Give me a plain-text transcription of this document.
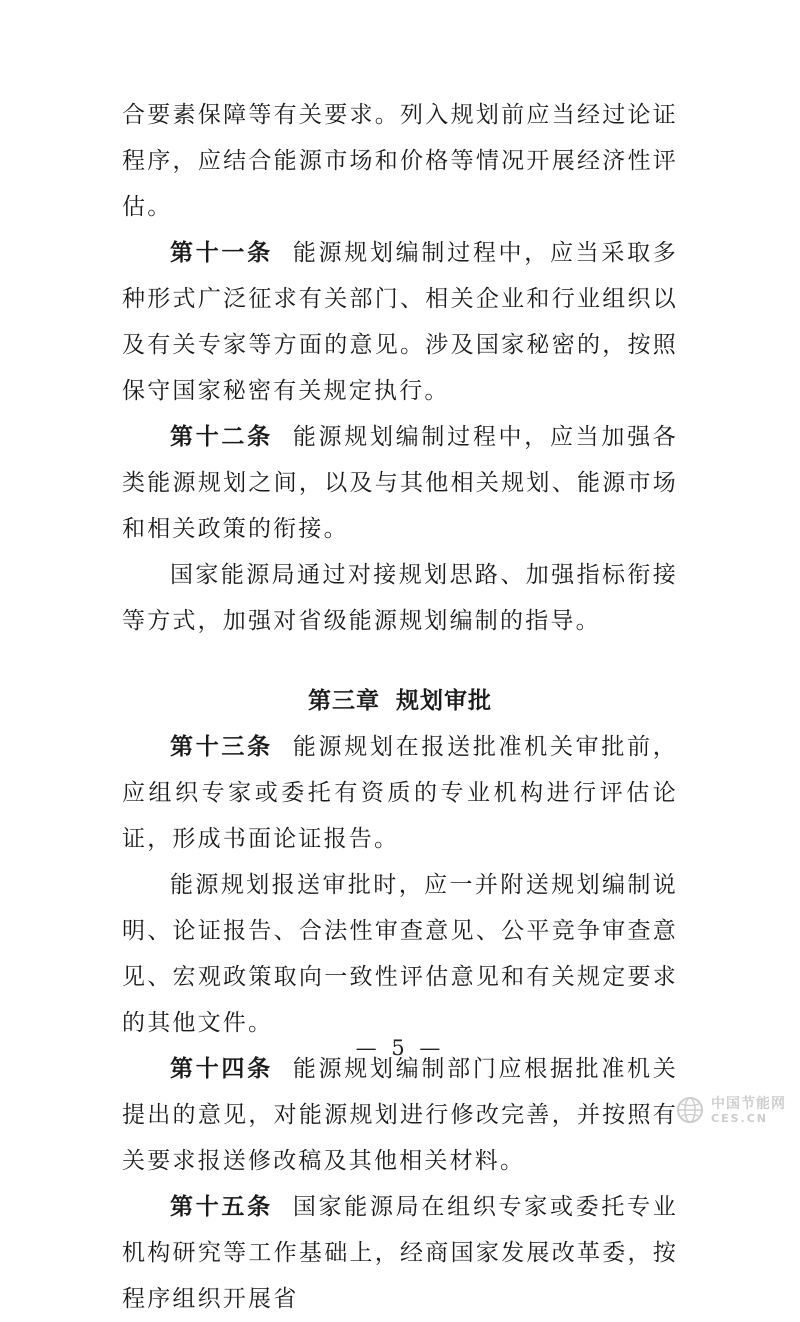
合要素保障等有关要求。列入规划前应当经过论证程序，应结合能源市场和价格等情况开展经济性评估。

第十一条 能源规划编制过程中，应当采取多种形式广泛征求有关部门、相关企业和行业组织以及有关专家等方面的意见。涉及国家秘密的，按照保守国家秘密有关规定执行。

第十二条 能源规划编制过程中，应当加强各类能源规划之间，以及与其他相关规划、能源市场和相关政策的衔接。

国家能源局通过对接规划思路、加强指标衔接等方式，加强对省级能源规划编制的指导。

第三章 规划审批

第十三条 能源规划在报送批准机关审批前，应组织专家或委托有资质的专业机构进行评估论证，形成书面论证报告。

能源规划报送审批时，应一并附送规划编制说明、论证报告、合法性审查意见、公平竞争审查意见、宏观政策取向一致性评估意见和有关规定要求的其他文件。

第十四条 能源规划编制部门应根据批准机关提出的意见，对能源规划进行修改完善，并按照有关要求报送修改稿及其他相关材料。

第十五条 国家能源局在组织专家或委托专业机构研究等工作基础上，经商国家发展改革委，按程序组织开展省

— 5 —
中国节能网
CES.CN
